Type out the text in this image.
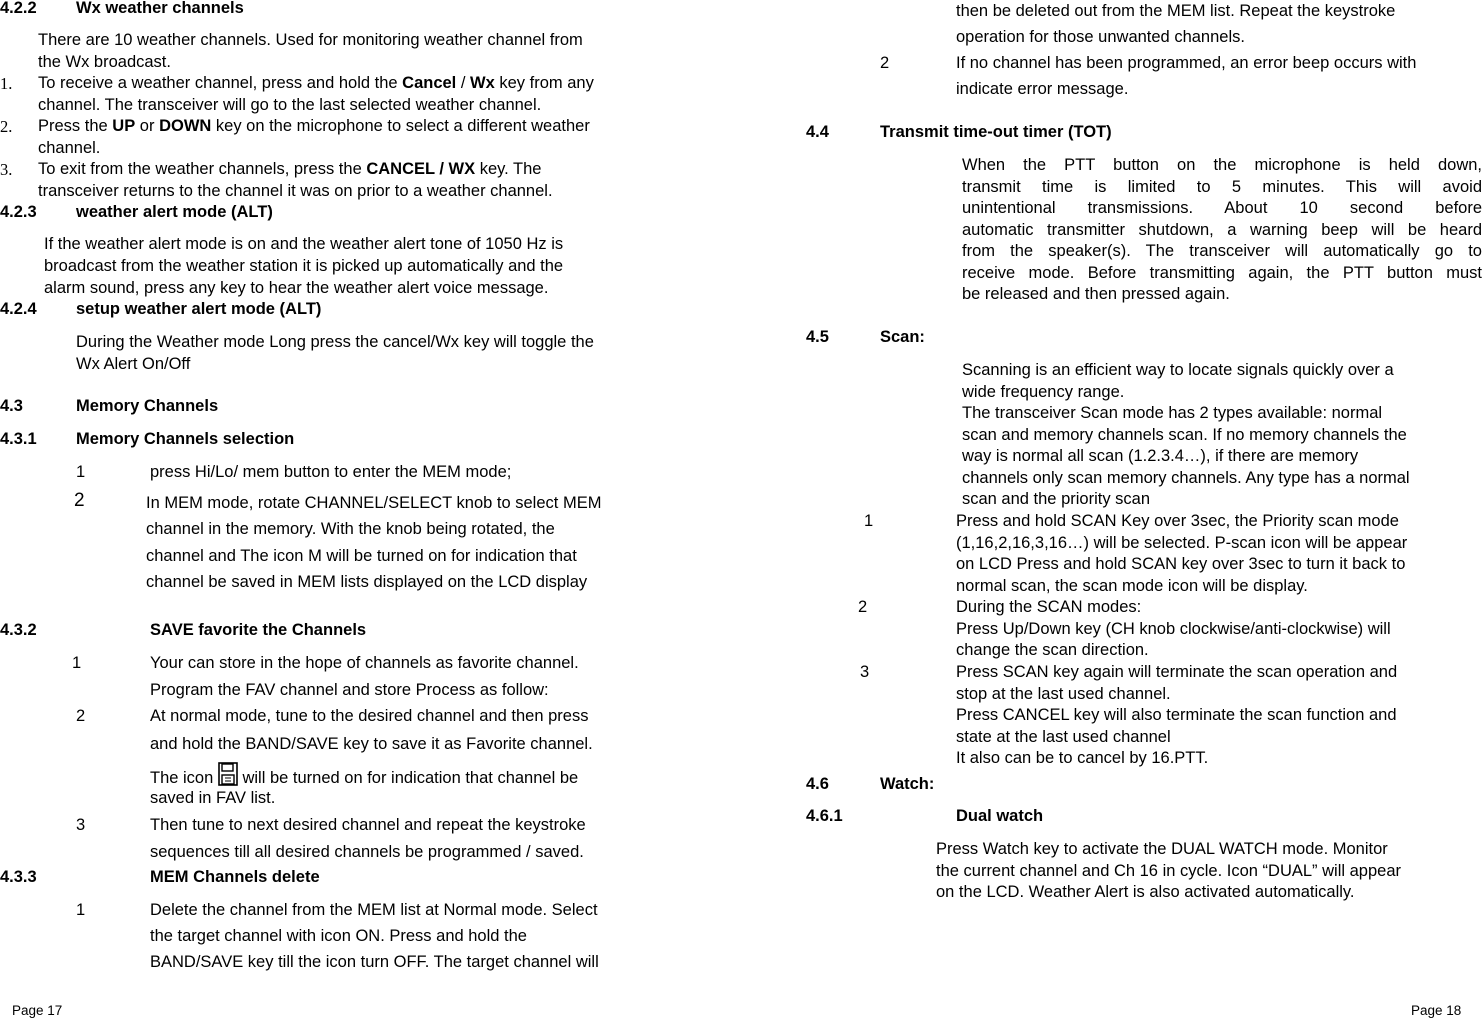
4.2.2 Wx weather channels
There are 10 weather channels. Used for monitoring weather channel from
the Wx broadcast.
1. To receive a weather channel, press and hold the Cancel / Wx key from any
channel. The transceiver will go to the last selected weather channel.
2. Press the UP or DOWN key on the microphone to select a different weather
channel.
3. To exit from the weather channels, press the CANCEL / WX key. The
transceiver returns to the channel it was on prior to a weather channel.
4.2.3 weather alert mode (ALT)
If the weather alert mode is on and the weather alert tone of 1050 Hz is
broadcast from the weather station it is picked up automatically and the
alarm sound, press any key to hear the weather alert voice message.
4.2.4 setup weather alert mode (ALT)
During the Weather mode Long press the cancel/Wx key will toggle the
Wx Alert On/Off
4.3	Memory Channels
4.3.1 Memory Channels selection
1	press Hi/Lo/ mem button to enter the MEM mode;
2	In MEM mode, rotate CHANNEL/SELECT knob to select MEM
channel in the memory. With the knob being rotated, the
channel and The icon M will be turned on for indication that
channel be saved in MEM lists displayed on the LCD display
4.3.2	SAVE favorite the Channels
1	Your can store in the hope of channels as favorite channel.
Program the FAV channel and store Process as follow:
2	At normal mode, tune to the desired channel and then press
and hold the BAND/SAVE key to save it as Favorite channel.
The icon  will be turned on for indication that channel be
saved in FAV list.
3	Then tune to next desired channel and repeat the keystroke
sequences till all desired channels be programmed / saved.
4.3.3	MEM Channels delete
1	Delete the channel from the MEM list at Normal mode. Select
the target channel with icon ON. Press and hold the
BAND/SAVE key till the icon turn OFF. The target channel will
Page 17
then be deleted out from the MEM list. Repeat the keystroke
operation for those unwanted channels.
2	If no channel has been programmed, an error beep occurs with
indicate error message.
4.4	Transmit time-out timer (TOT)
When the PTT button on the microphone is held down,
transmit time is limited to 5 minutes. This will avoid
unintentional transmissions. About 10 second before
automatic transmitter shutdown, a warning beep will be heard
from the speaker(s). The transceiver will automatically go to
receive mode. Before transmitting again, the PTT button must
be released and then pressed again.
4.5	Scan:
Scanning is an efficient way to locate signals quickly over a
wide frequency range.
The transceiver Scan mode has 2 types available: normal
scan and memory channels scan. If no memory channels the
way is normal all scan (1.2.3.4…), if there are memory
channels only scan memory channels. Any type has a normal
scan and the priority scan
1	Press and hold SCAN Key over 3sec, the Priority scan mode
(1,16,2,16,3,16…) will be selected. P-scan icon will be appear
on LCD Press and hold SCAN key over 3sec to turn it back to
normal scan, the scan mode icon will be display.
2	During the SCAN modes:
Press Up/Down key (CH knob clockwise/anti-clockwise) will
change the scan direction.
3	Press SCAN key again will terminate the scan operation and
stop at the last used channel.
Press CANCEL key will also terminate the scan function and
state at the last used channel
It also can be to cancel by 16.PTT.
4.6	Watch:
4.6.1	Dual watch
Press Watch key to activate the DUAL WATCH mode. Monitor
the current channel and Ch 16 in cycle. Icon “DUAL” will appear
on the LCD. Weather Alert is also activated automatically.
Page 18
